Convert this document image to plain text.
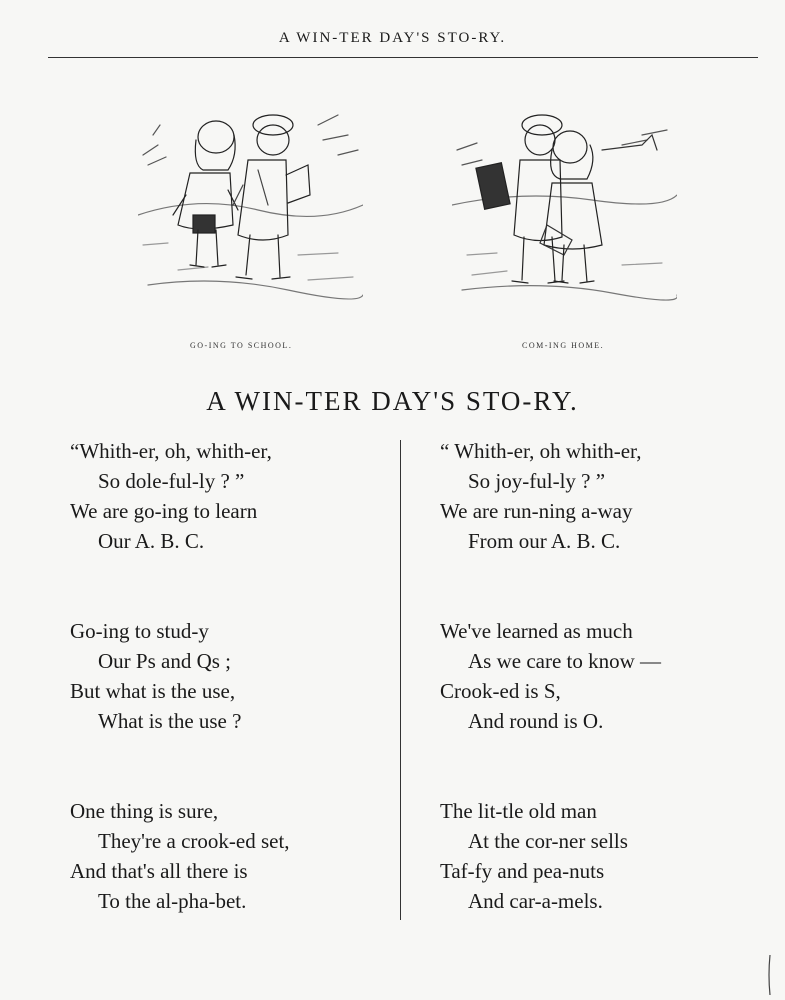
A WIN-TER DAY'S STO-RY.
GO-ING TO SCHOOL.	COM-ING HOME.
A WIN-TER DAY'S STO-RY.
“Whith-er, oh, whith-er,
So dole-ful-ly ? ”
We are go-ing to learn
Our A. B. C.
Go-ing to stud-y
Our Ps and Qs ;
But what is the use,
What is the use ?
One thing is sure,
They're a crook-ed set,
And that's all there is
To the al-pha-bet.
“ Whith-er, oh whith-er,
So joy-ful-ly ? ”
We are run-ning a-way
From our A. B. C.
We've learned as much
As we care to know —
Crook-ed is S,
And round is O.
The lit-tle old man
At the cor-ner sells
Taf-fy and pea-nuts
And car-a-mels.
